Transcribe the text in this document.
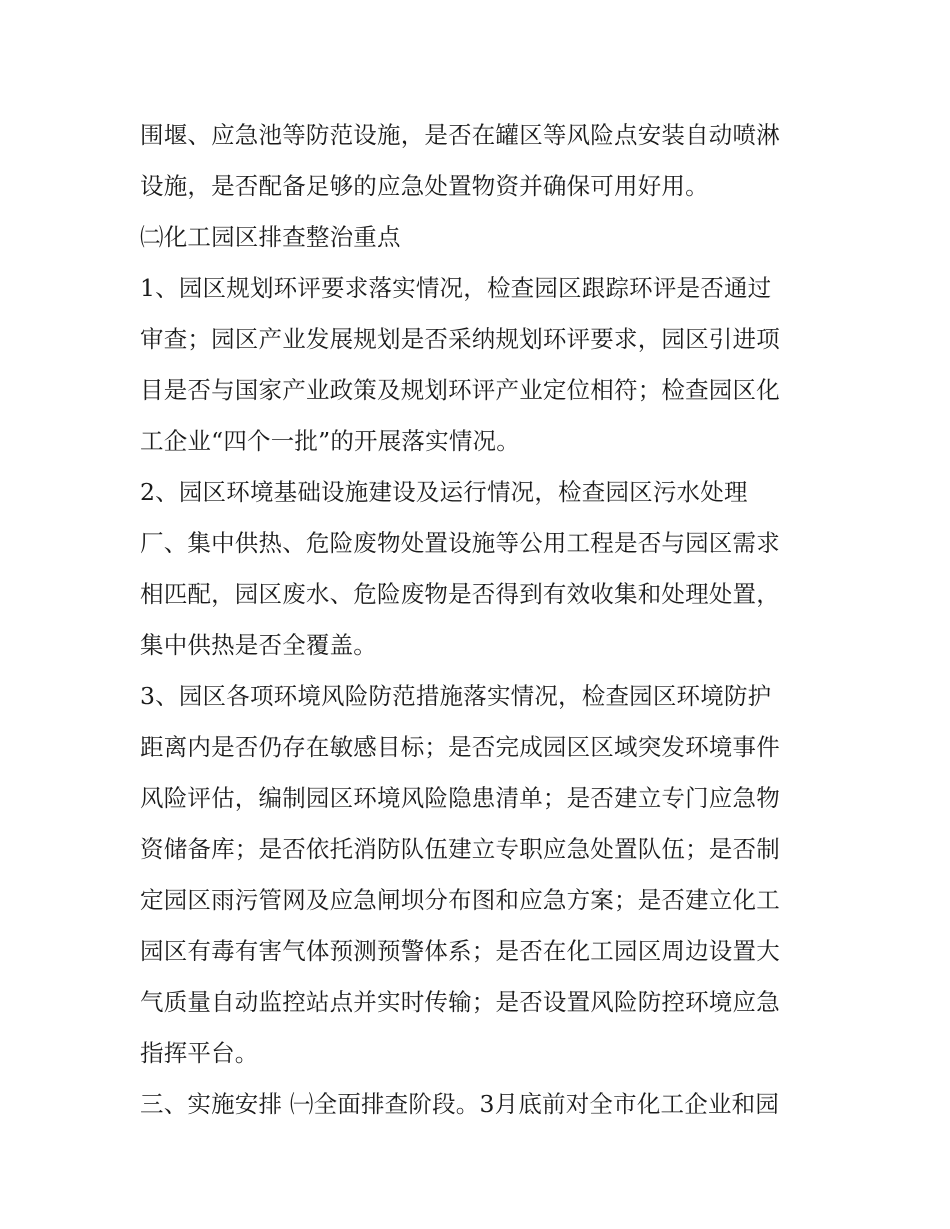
围堰、应急池等防范设施，是否在罐区等风险点安装自动喷淋
设施，是否配备足够的应急处置物资并确保可用好用。
㈡化工园区排查整治重点
1、园区规划环评要求落实情况，检查园区跟踪环评是否通过
审查；园区产业发展规划是否采纳规划环评要求，园区引进项
目是否与国家产业政策及规划环评产业定位相符；检查园区化
工企业“四个一批”的开展落实情况。
2、园区环境基础设施建设及运行情况，检查园区污水处理
厂、集中供热、危险废物处置设施等公用工程是否与园区需求
相匹配，园区废水、危险废物是否得到有效收集和处理处置，
集中供热是否全覆盖。
3、园区各项环境风险防范措施落实情况，检查园区环境防护
距离内是否仍存在敏感目标；是否完成园区区域突发环境事件
风险评估，编制园区环境风险隐患清单；是否建立专门应急物
资储备库；是否依托消防队伍建立专职应急处置队伍；是否制
定园区雨污管网及应急闸坝分布图和应急方案；是否建立化工
园区有毒有害气体预测预警体系；是否在化工园区周边设置大
气质量自动监控站点并实时传输；是否设置风险防控环境应急
指挥平台。
三、实施安排 ㈠全面排查阶段。3月底前对全市化工企业和园
